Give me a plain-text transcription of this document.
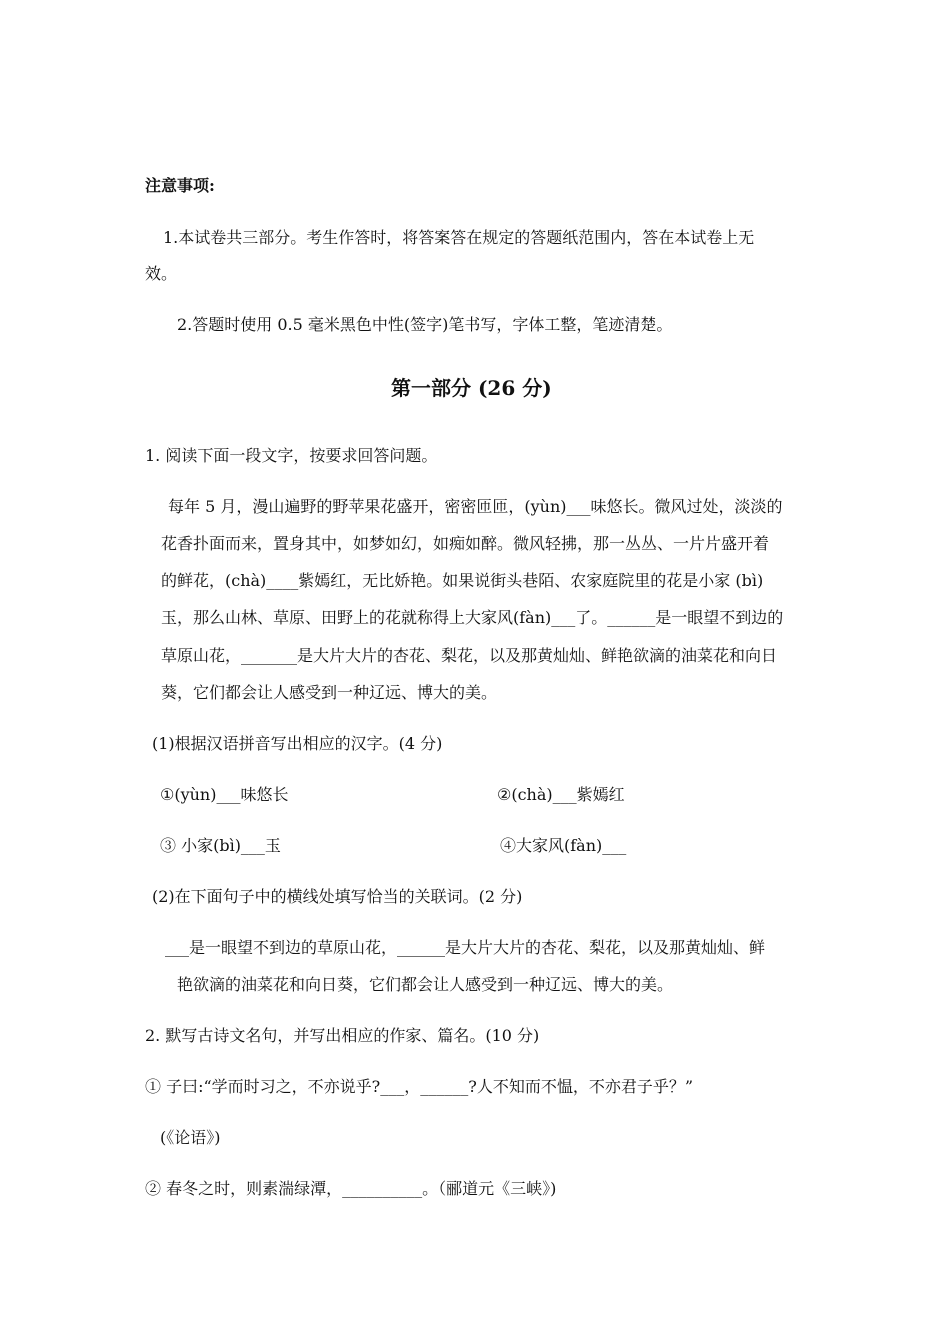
注意事项:
1.本试卷共三部分。考生作答时，将答案答在规定的答题纸范围内，答在本试卷上无
效。
2.答题时使用 0.5 毫米黑色中性(签字)笔书写，字体工整，笔迹清楚。
第一部分 (26 分)
1. 阅读下面一段文字，按要求回答问题。
每年 5 月，漫山遍野的野苹果花盛开，密密匝匝，(yùn)___味悠长。微风过处，淡淡的
花香扑面而来，置身其中，如梦如幻，如痴如醉。微风轻拂，那一丛丛、一片片盛开着
的鲜花，(chà)____紫嫣红，无比娇艳。如果说街头巷陌、农家庭院里的花是小家 (bì)
玉，那么山林、草原、田野上的花就称得上大家风(fàn)___了。______是一眼望不到边的
草原山花，_______是大片大片的杏花、梨花，以及那黄灿灿、鲜艳欲滴的油菜花和向日
葵，它们都会让人感受到一种辽远、博大的美。
(1)根据汉语拼音写出相应的汉字。(4 分)
①(yùn)___味悠长	②(chà)___紫嫣红
③ 小家(bì)___玉	④大家风(fàn)___
(2)在下面句子中的横线处填写恰当的关联词。(2 分)
___是一眼望不到边的草原山花，______是大片大片的杏花、梨花，以及那黄灿灿、鲜
艳欲滴的油菜花和向日葵，它们都会让人感受到一种辽远、博大的美。
2. 默写古诗文名句，并写出相应的作家、篇名。(10 分)
① 子曰:“学而时习之，不亦说乎?___，______?人不知而不愠，不亦君子乎？”
(《论语》)
② 春冬之时，则素湍绿潭，__________。（郦道元《三峡》)
